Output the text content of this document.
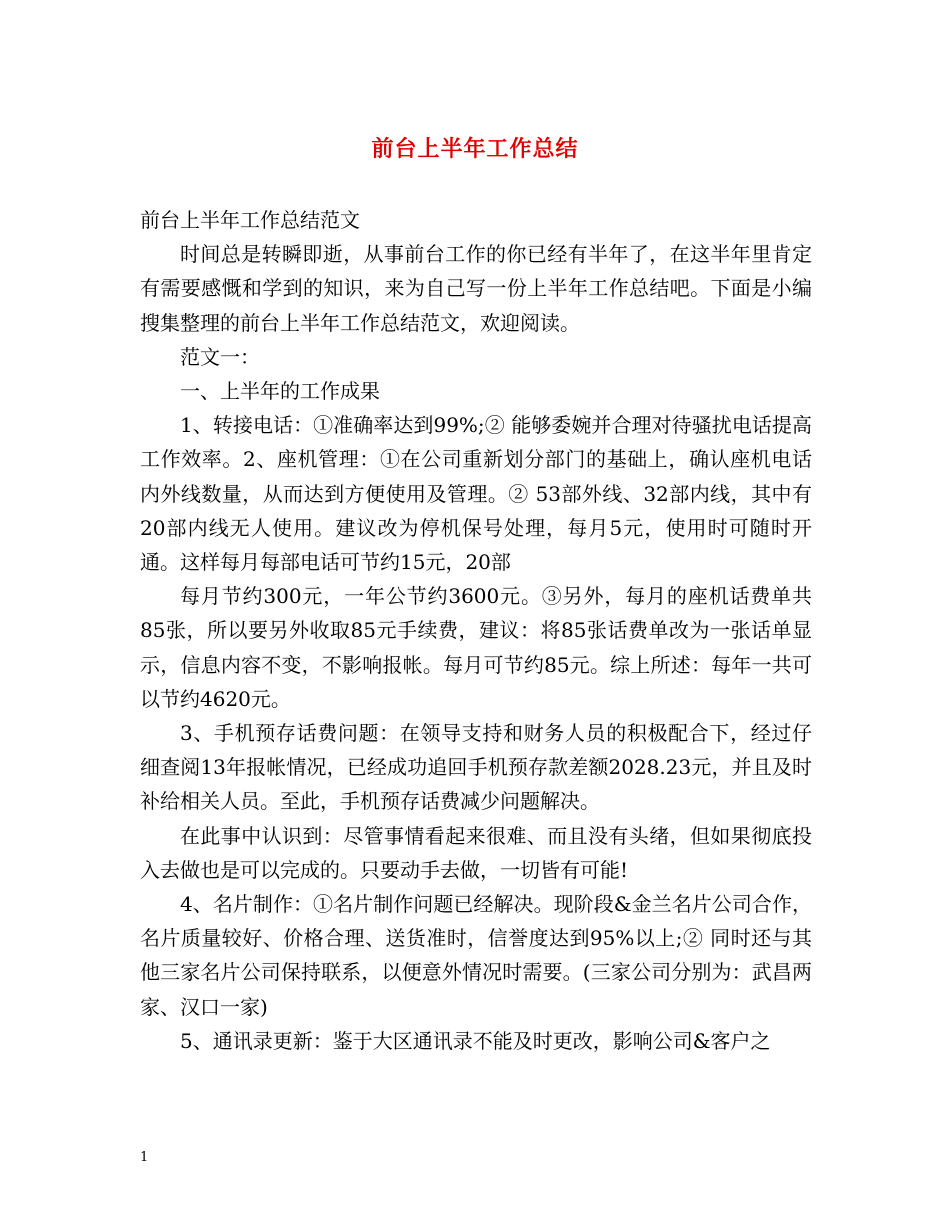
前台上半年工作总结

前台上半年工作总结范文

时间总是转瞬即逝，从事前台工作的你已经有半年了，在这半年里肯定有需要感慨和学到的知识，来为自己写一份上半年工作总结吧。下面是小编搜集整理的前台上半年工作总结范文，欢迎阅读。

范文一：

一、上半年的工作成果

1、转接电话：①准确率达到99%;② 能够委婉并合理对待骚扰电话提高工作效率。2、座机管理：①在公司重新划分部门的基础上，确认座机电话内外线数量，从而达到方便使用及管理。② 53部外线、32部内线，其中有20部内线无人使用。建议改为停机保号处理，每月5元，使用时可随时开通。这样每月每部电话可节约15元，20部

每月节约300元，一年公节约3600元。③另外，每月的座机话费单共85张，所以要另外收取85元手续费，建议：将85张话费单改为一张话单显示，信息内容不变，不影响报帐。每月可节约85元。综上所述：每年一共可以节约4620元。

3、手机预存话费问题：在领导支持和财务人员的积极配合下，经过仔细查阅13年报帐情况，已经成功追回手机预存款差额2028.23元，并且及时补给相关人员。至此，手机预存话费减少问题解决。

在此事中认识到：尽管事情看起来很难、而且没有头绪，但如果彻底投入去做也是可以完成的。只要动手去做，一切皆有可能!

4、名片制作：①名片制作问题已经解决。现阶段&金兰名片公司合作，名片质量较好、价格合理、送货准时，信誉度达到95%以上;② 同时还与其他三家名片公司保持联系，以便意外情况时需要。(三家公司分别为：武昌两家、汉口一家)

5、通讯录更新：鉴于大区通讯录不能及时更改，影响公司&客户之

1
